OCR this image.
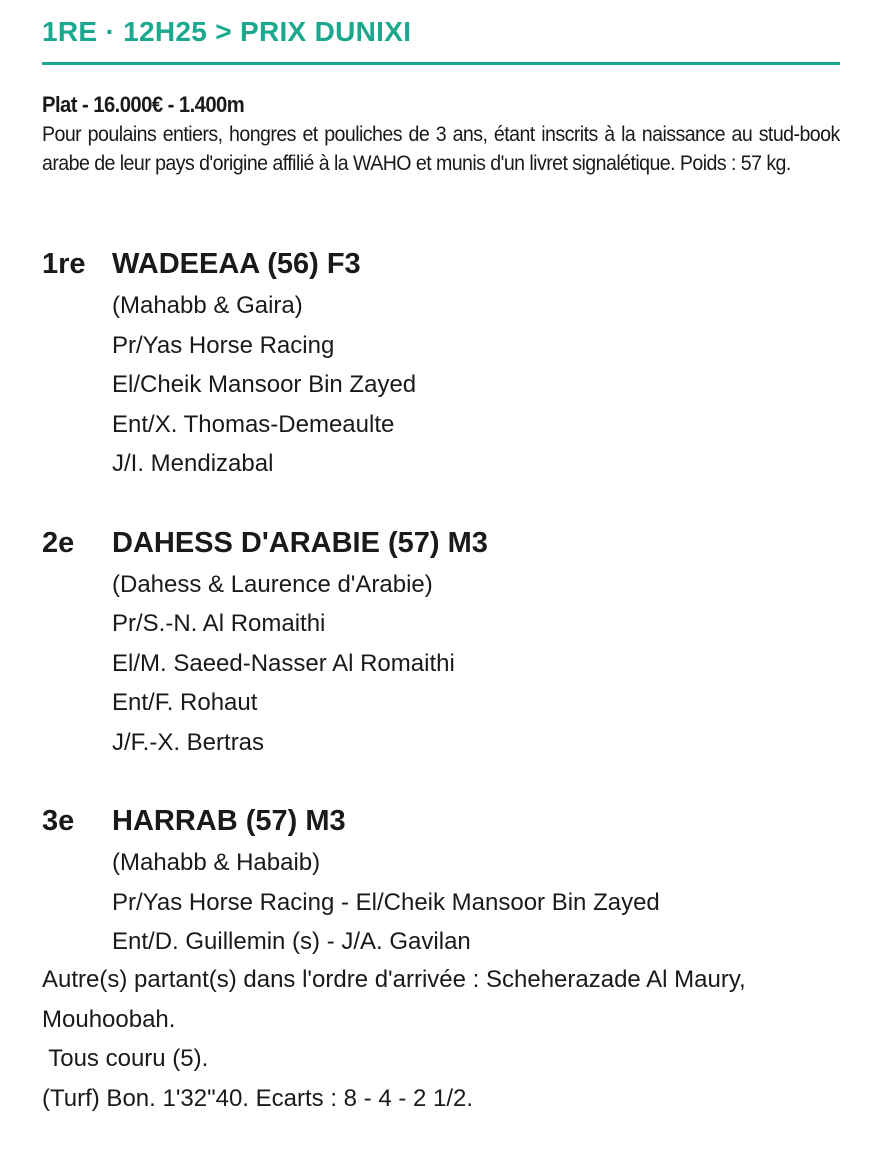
1RE · 12H25 > PRIX DUNIXI
Plat - 16.000€ - 1.400m
Pour poulains entiers, hongres et pouliches de 3 ans, étant inscrits à la naissance au stud-book arabe de leur pays d'origine affilié à la WAHO et munis d'un livret signalétique. Poids : 57 kg.
1re WADEEAA (56) F3
(Mahabb & Gaira)
Pr/Yas Horse Racing
El/Cheik Mansoor Bin Zayed
Ent/X. Thomas-Demeaulte
J/I. Mendizabal
2e	DAHESS D'ARABIE (57) M3
(Dahess & Laurence d'Arabie)
Pr/S.-N. Al Romaithi
El/M. Saeed-Nasser Al Romaithi
Ent/F. Rohaut
J/F.-X. Bertras
3e	HARRAB (57) M3
(Mahabb & Habaib)
Pr/Yas Horse Racing - El/Cheik Mansoor Bin Zayed
Ent/D. Guillemin (s) - J/A. Gavilan
Autre(s) partant(s) dans l'ordre d'arrivée : Scheherazade Al Maury,
Mouhoobah.
Tous couru (5).
(Turf) Bon. 1'32"40. Ecarts : 8 - 4 - 2 1/2.
